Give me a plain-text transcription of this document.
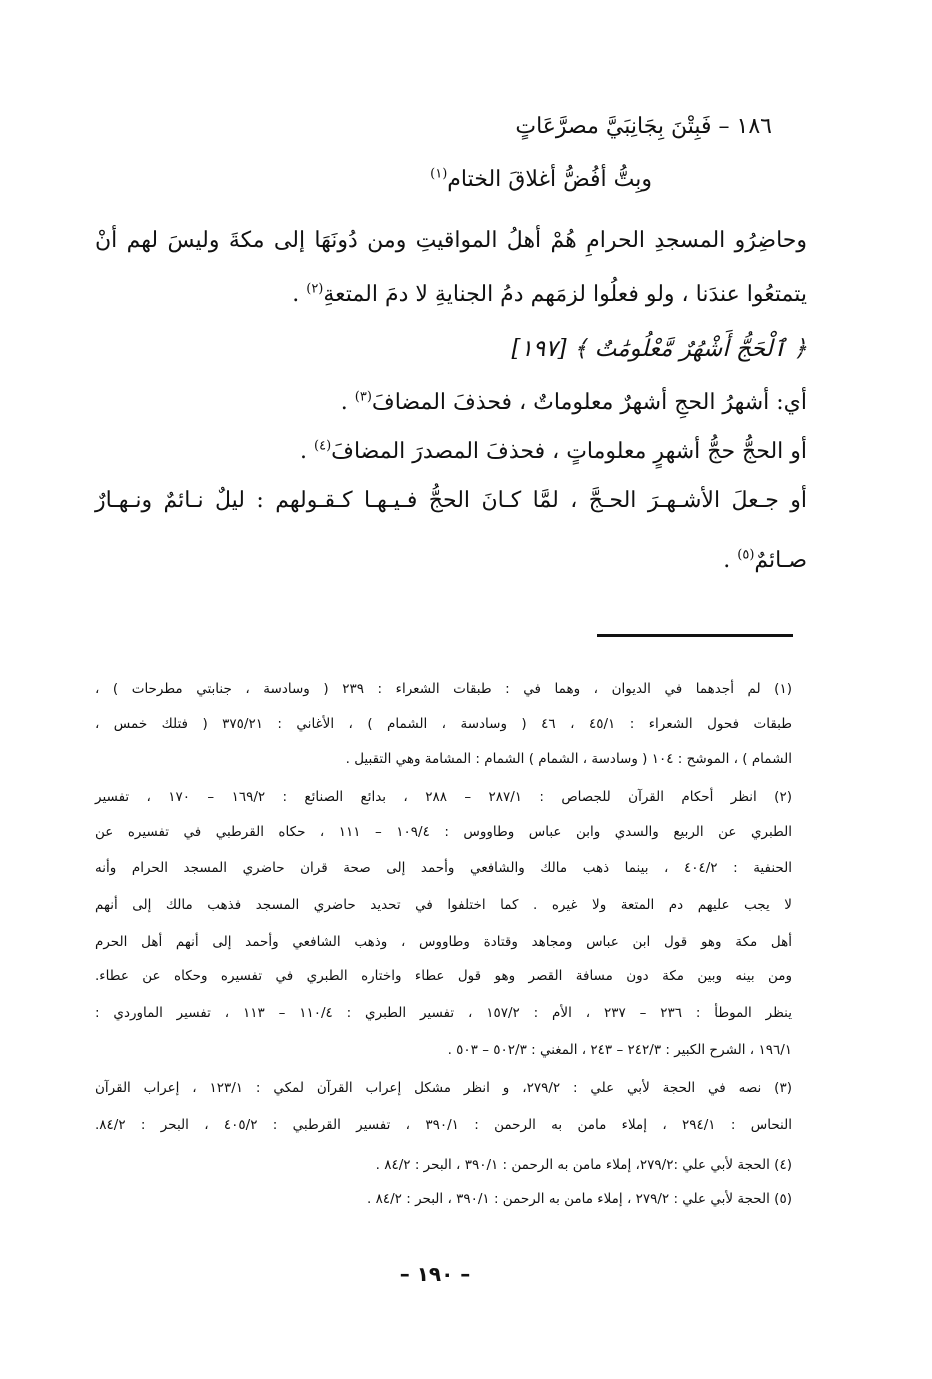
١٨٦ – فَبِتْنَ بِجَانِبَيَّ مصرَّعَاتٍ
وبِتُّ أفُضُّ أغلاقَ الختام$^{(١)}$
وحاضِرُو المسجدِ الحرامِ هُمْ أهلُ المواقيتِ ومن دُونَهَا إلى مكةَ وليسَ لهم أنْ
يتمتعُوا عندَنا ، ولو فعلُوا لزمَهم دمُ الجنايةِ لا دمَ المتعةِ$^{(٢)}$ .
﴿ ٱلْحَجُّ أَشْهُرٌ مَّعْلُومَٰتٌ ﴾ [١٩٧]
أي: أشهرُ الحجِ أشهرٌ معلوماتٌ ، فحذفَ المضافَ$^{(٣)}$ .
أو الحجُّ حجُّ أشهرٍ معلوماتٍ ، فحذفَ المصدرَ المضافَ$^{(٤)}$ .
أو جـعلَ الأشـهـرَ الحـجَّ ، لمَّا كـانَ الحجُّ فـيـهـا كـقـولهم : ليلٌ نـائمٌ ونـهـارٌ
صـائمٌ$^{(٥)}$ .
(١) لم أجدهما في الديوان ، وهما في : طبقات الشعراء : ٢٣٩ ( وسادسة ، جنابتي مطرحات ) ،
طبقات فحول الشعراء : ٤٥/١ ، ٤٦ ( وسادسة ، الشمام ) ، الأغاني : ٣٧٥/٢١ ( فتلك خمس ،
الشمام ) ، الموشح : ١٠٤ ( وسادسة ، الشمام ) الشمام : المشامة وهي التقبيل .
(٢) انظر أحكام القرآن للجصاص : ٢٨٧/١ – ٢٨٨ ، بدائع الصنائع : ١٦٩/٢ – ١٧٠ ، تفسير
الطبري عن الربيع والسدي وابن عباس وطاووس : ١٠٩/٤ – ١١١ ، حكاه القرطبي في تفسيره عن
الحنفية : ٤٠٤/٢ ، بينما ذهب مالك والشافعي وأحمد إلى صحة قران حاضري المسجد الحرام وأنه
لا يجب عليهم دم المتعة ولا غيره . كما اختلفوا في تحديد حاضري المسجد فذهب مالك إلى أنهم
أهل مكة وهو قول ابن عباس ومجاهد وقتادة وطاووس ، وذهب الشافعي وأحمد إلى أنهم أهل الحرم
ومن بينه وبين مكة دون مسافة القصر وهو قول عطاء واختاره الطبري في تفسيره وحكاه عن عطاء.
ينظر الموطأ : ٢٣٦ – ٢٣٧ ، الأم : ١٥٧/٢ ، تفسير الطبري : ١١٠/٤ – ١١٣ ، تفسير الماوردي :
١٩٦/١ ، الشرح الكبير : ٢٤٢/٣ – ٢٤٣ ، المغني : ٥٠٢/٣ – ٥٠٣ .
(٣) نصه في الحجة لأبي علي : ٢٧٩/٢، و انظر مشكل إعراب القرآن لمكي : ١٢٣/١ ، إعراب القرآن
النحاس : ٢٩٤/١ ، إملاء مامن به الرحمن : ٣٩٠/١ ، تفسير القرطبي : ٤٠٥/٢ ، البحر : ٨٤/٢.
(٤) الحجة لأبي علي :٢٧٩/٢، إملاء مامن به الرحمن : ٣٩٠/١ ، البحر : ٨٤/٢ .
(٥) الحجة لأبي علي : ٢٧٩/٢ ، إملاء مامن به الرحمن : ٣٩٠/١ ، البحر : ٨٤/٢ .
– ١٩٠ –
